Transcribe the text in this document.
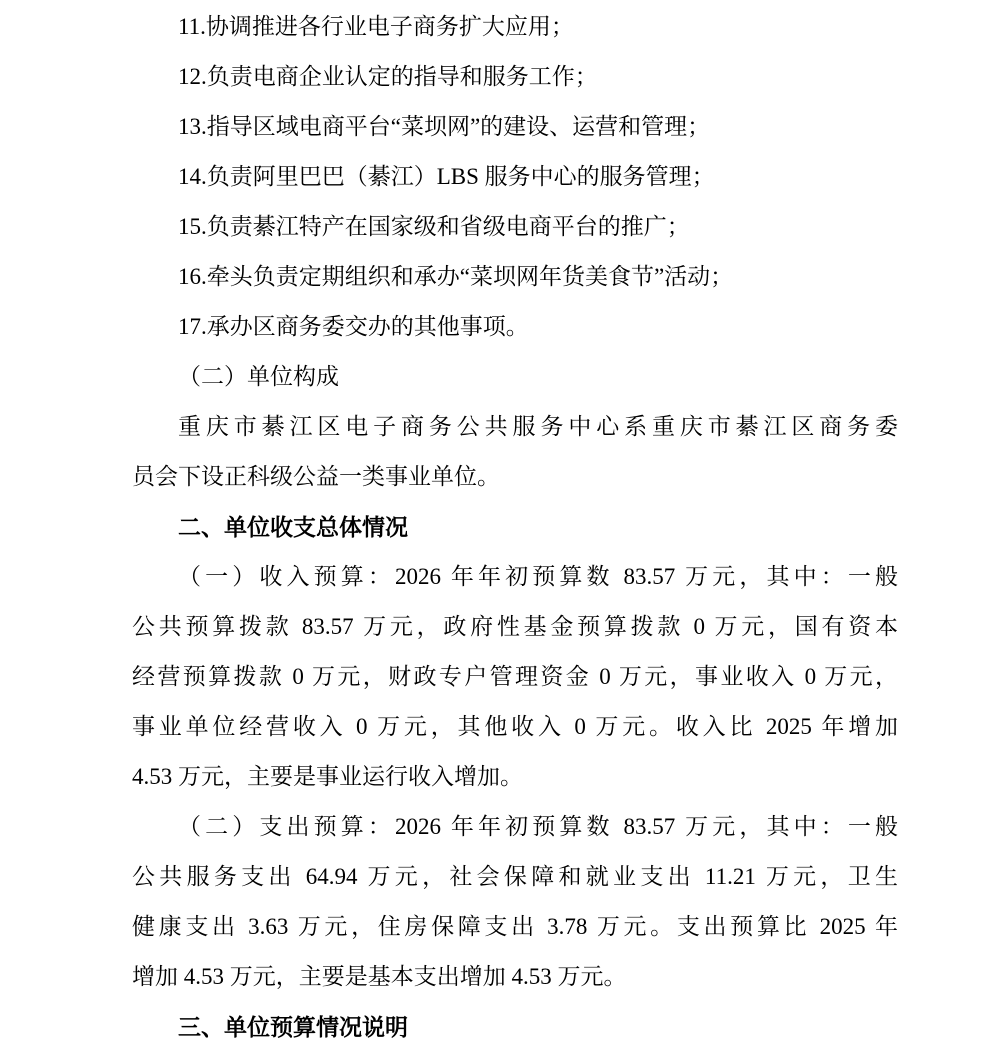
11.协调推进各行业电子商务扩大应用；
12.负责电商企业认定的指导和服务工作；
13.指导区域电商平台“菜坝网”的建设、运营和管理；
14.负责阿里巴巴（綦江）LBS 服务中心的服务管理；
15.负责綦江特产在国家级和省级电商平台的推广；
16.牵头负责定期组织和承办“菜坝网年货美食节”活动；
17.承办区商务委交办的其他事项。
（二）单位构成
重庆市綦江区电子商务公共服务中心系重庆市綦江区商务委
员会下设正科级公益一类事业单位。
二、单位收支总体情况
（一）收入预算：2026 年年初预算数 83.57 万元，其中：一般
公共预算拨款 83.57 万元，政府性基金预算拨款 0 万元，国有资本
经营预算拨款 0 万元，财政专户管理资金 0 万元，事业收入 0 万元，
事业单位经营收入 0 万元，其他收入 0 万元。收入比 2025 年增加
4.53 万元，主要是事业运行收入增加。
（二）支出预算：2026 年年初预算数 83.57 万元，其中：一般
公共服务支出 64.94 万元，社会保障和就业支出 11.21 万元，卫生
健康支出 3.63 万元，住房保障支出 3.78 万元。支出预算比 2025 年
增加 4.53 万元，主要是基本支出增加 4.53 万元。
三、单位预算情况说明
